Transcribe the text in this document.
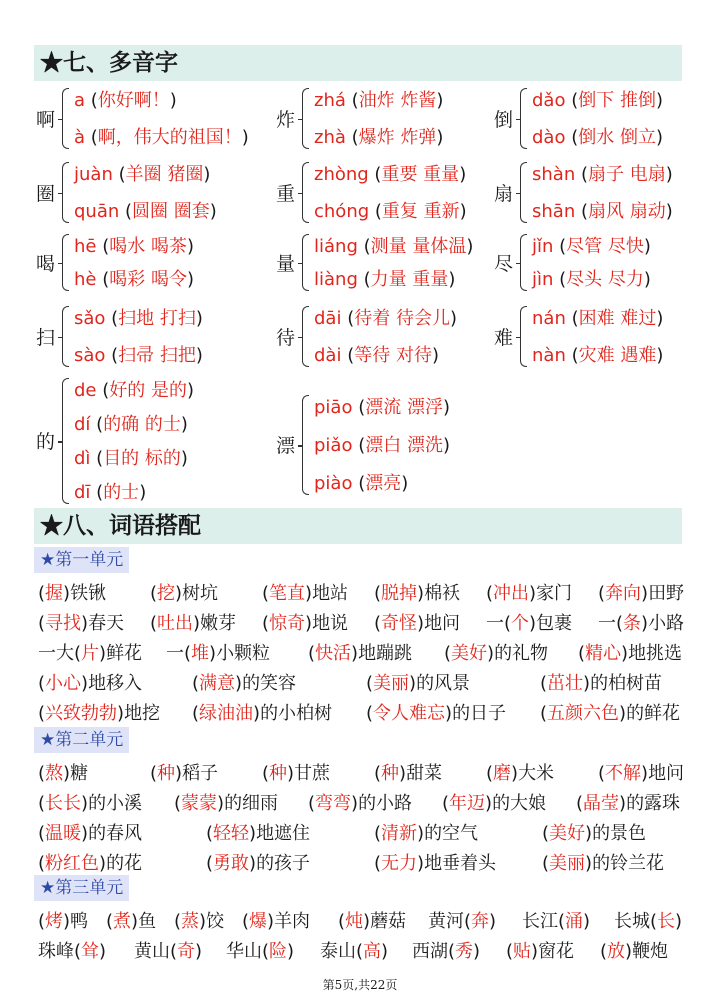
★七、多音字
啊
a (你好啊！)
à (啊，伟大的祖国！)
炸
zhá (油炸 炸酱)
zhà (爆炸 炸弹)
倒
dǎo (倒下 推倒)
dào (倒水 倒立)
圈
juàn (羊圈 猪圈)
quān (圆圈 圈套)
重
zhòng (重要 重量)
chóng (重复 重新)
扇
shàn (扇子 电扇)
shān (扇风 扇动)
喝
hē (喝水 喝茶)
hè (喝彩 喝令)
量
liáng (测量 量体温)
liàng (力量 重量)
尽
jǐn (尽管 尽快)
jìn (尽头 尽力)
扫
sǎo (扫地 打扫)
sào (扫帚 扫把)
待
dāi (待着 待会儿)
dài (等待 对待)
难
nán (困难 难过)
nàn (灾难 遇难)
的
de (好的 是的)
dí (的确 的士)
dì (目的 标的)
dī (的士)
漂
piāo (漂流 漂浮)
piǎo (漂白 漂洗)
piào (漂亮)
★八、词语搭配
★第一单元
(握)铁锹 (挖)树坑 (笔直)地站 (脱掉)棉袄 (冲出)家门 (奔向)田野
(寻找)春天 (吐出)嫩芽 (惊奇)地说 (奇怪)地问 一(个)包裹 一(条)小路
一大(片)鲜花 一(堆)小颗粒 (快活)地蹦跳 (美好)的礼物 (精心)地挑选
(小心)地移入	(满意)的笑容	(美丽)的风景	(茁壮)的柏树苗
(兴致勃勃)地挖 (绿油油)的小柏树 (令人难忘)的日子 (五颜六色)的鲜花
★第二单元
(熬)糖	(种)稻子 (种)甘蔗 (种)甜菜 (磨)大米 (不解)地问
(长长)的小溪 (蒙蒙)的细雨 (弯弯)的小路 (年迈)的大娘 (晶莹)的露珠
(温暖)的春风	(轻轻)地遮住	(清新)的空气	(美好)的景色
(粉红色)的花	(勇敢)的孩子	(无力)地垂着头	(美丽)的铃兰花
★第三单元
(烤)鸭 (煮)鱼 (蒸)饺 (爆)羊肉 (炖)蘑菇 黄河(奔) 长江(涌) 长城(长)
珠峰(耸) 黄山(奇) 华山(险) 泰山(高) 西湖(秀) (贴)窗花 (放)鞭炮
第5页,共22页
